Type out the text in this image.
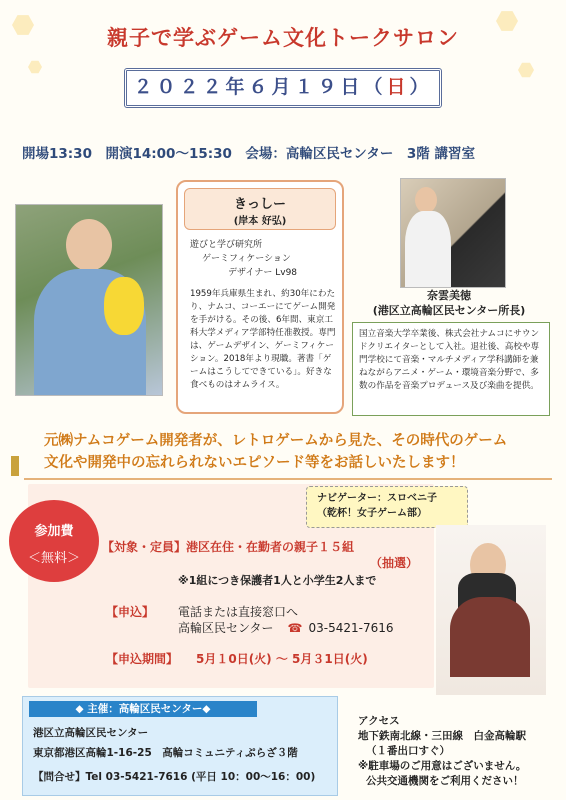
親子で学ぶゲーム文化トークサロン
２０２２年６月１９日（日）
開場13:30　開演14:00～15:30　会場：高輪区民センター　3階 講習室
きっしー
(岸本 好弘)
遊びと学び研究所
ゲーミフィケーション
デザイナー Lv98
1959年兵庫県生まれ、約30年にわたり、ナムコ、コーエーにてゲーム開発を手がける。その後、6年間、東京工科大学メディア学部特任准教授。専門は、ゲームデザイン、ゲーミフィケーション。2018年より現職。著書「ゲームはこうしてできている」。好きな食べものはオムライス。
奈雲美徳
(港区立高輪区民センター所長)
国立音楽大学卒業後、株式会社ナムコにサウンドクリエイターとして入社。退社後、高校や専門学校にて音楽・マルチメディア学科講師を兼ねながらアニメ・ゲーム・環境音楽分野で、多数の作品を音楽プロデュース及び楽曲を提供。
元㈱ナムコゲーム開発者が、レトロゲームから見た、その時代のゲーム
文化や開発中の忘れられないエピソード等をお話しいたします！
参加費
＜無料＞
ナビゲーター：スロベニ子
（乾杯！女子ゲーム部）
【対象・定員】港区在住・在勤者の親子１５組
（抽選）
※1組につき保護者1人と小学生2人まで
【申込】 電話または直接窓口へ
高輪区民センター ☎ 03-5421-7616
【申込期間】 5月１0日(火) ～ 5月３1日(火)
◆ 主催：高輪区民センター◆
港区立高輪区民センター
東京都港区高輪1-16-25　高輪コミュニティぷらざ３階
【問合せ】Tel 03-5421-7616 (平日 10：00～16：00)
アクセス
地下鉄南北線・三田線　白金高輪駅
（１番出口すぐ）
※駐車場のご用意はございません。
公共交通機関をご利用ください！
